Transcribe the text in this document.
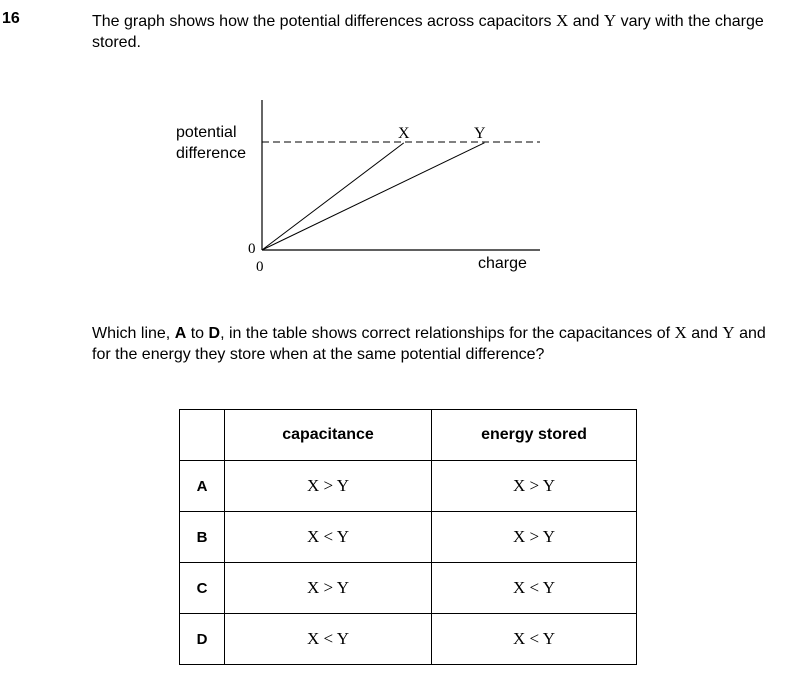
16	The graph shows how the potential differences across capacitors X and Y vary with the charge stored.
potential
difference
X	Y
0
0	charge
Which line, A to D, in the table shows correct relationships for the capacitances of X and Y and for the energy they store when at the same potential difference?
	capacitance	energy stored
A	X > Y	X > Y
B	X < Y	X > Y
C	X > Y	X < Y
D	X < Y	X < Y
